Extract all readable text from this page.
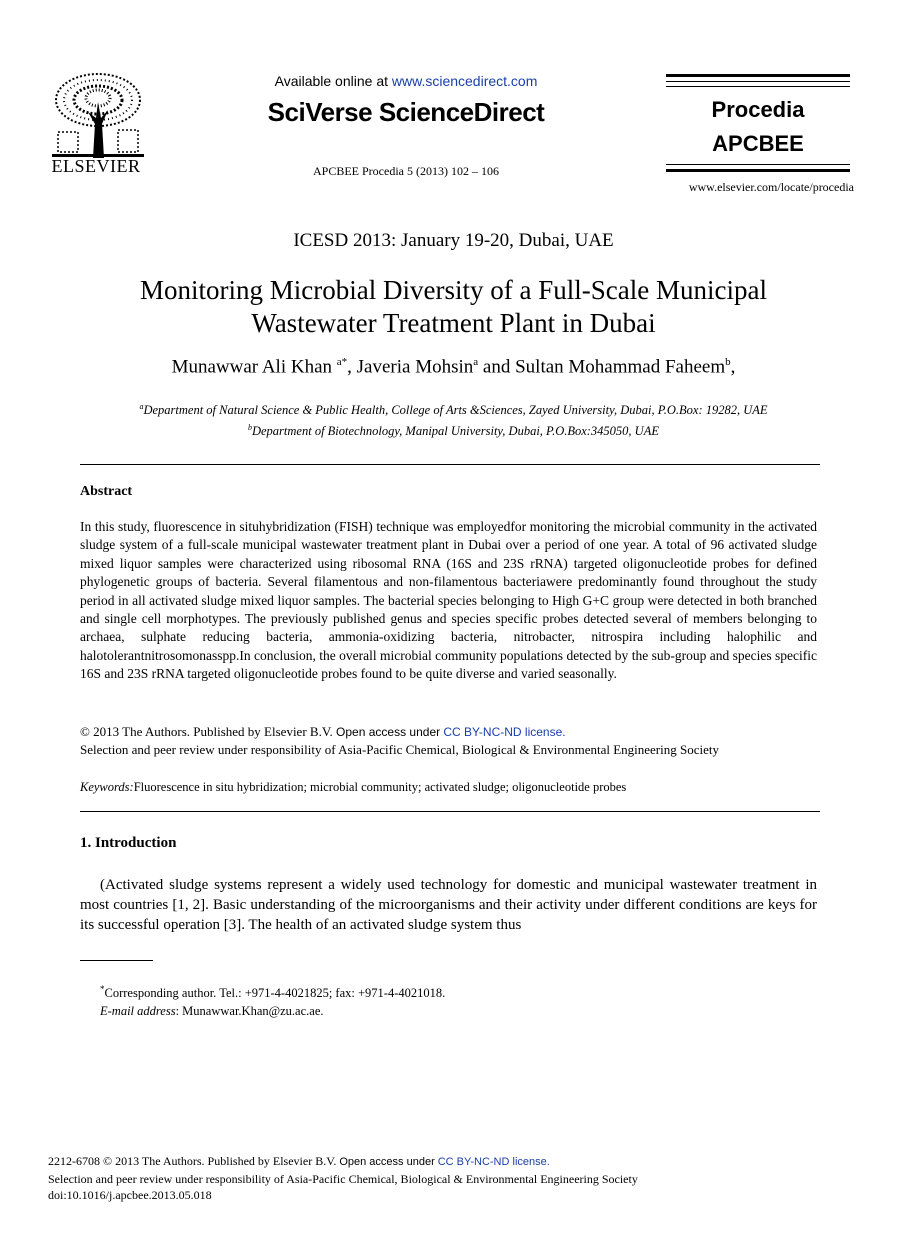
ELSEVIER
Available online at www.sciencedirect.com
SciVerse ScienceDirect
APCBEE Procedia 5 (2013) 102 – 106
Procedia
APCBEE
www.elsevier.com/locate/procedia
ICESD 2013: January 19-20, Dubai, UAE
Monitoring Microbial Diversity of a Full-Scale Municipal
Wastewater Treatment Plant in Dubai
Munawwar Ali Khan $^{a*}$, Javeria Mohsin$^a$ and Sultan Mohammad Faheem$^b$,
$^a$Department of Natural Science & Public Health, College of Arts &Sciences, Zayed University, Dubai, P.O.Box: 19282, UAE
$^b$Department of Biotechnology, Manipal University, Dubai, P.O.Box:345050, UAE
Abstract
In this study, fluorescence in situhybridization (FISH) technique was employedfor monitoring the microbial community in the activated sludge system of a full-scale municipal wastewater treatment plant in Dubai over a period of one year. A total of 96 activated sludge mixed liquor samples were characterized using ribosomal RNA (16S and 23S rRNA) targeted oligonucleotide probes for defined phylogenetic groups of bacteria. Several filamentous and non-filamentous bacteriawere predominantly found throughout the study period in all activated sludge mixed liquor samples. The bacterial species belonging to High G+C group were detected in both branched and single cell morphotypes. The previously published genus and species specific probes detected several of members belonging to archaea, sulphate reducing bacteria, ammonia-oxidizing bacteria, nitrobacter, nitrospira including halophilic and halotolerantnitrosomonasspp.In conclusion, the overall microbial community populations detected by the sub-group and species specific 16S and 23S rRNA targeted oligonucleotide probes found to be quite diverse and varied seasonally.
© 2013 The Authors. Published by Elsevier B.V. Open access under CC BY-NC-ND license.
Selection and peer review under responsibility of Asia-Pacific Chemical, Biological & Environmental Engineering Society
Keywords:Fluorescence in situ hybridization; microbial community; activated sludge; oligonucleotide probes
1. Introduction
(Activated sludge systems represent a widely used technology for domestic and municipal wastewater treatment in most countries [1, 2]. Basic understanding of the microorganisms and their activity under different conditions are keys for its successful operation [3]. The health of an activated sludge system thus
*Corresponding author. Tel.: +971-4-4021825; fax: +971-4-4021018.
E-mail address: Munawwar.Khan@zu.ac.ae.
2212-6708 © 2013 The Authors. Published by Elsevier B.V. Open access under CC BY-NC-ND license.
Selection and peer review under responsibility of Asia-Pacific Chemical, Biological & Environmental Engineering Society
doi:10.1016/j.apcbee.2013.05.018
